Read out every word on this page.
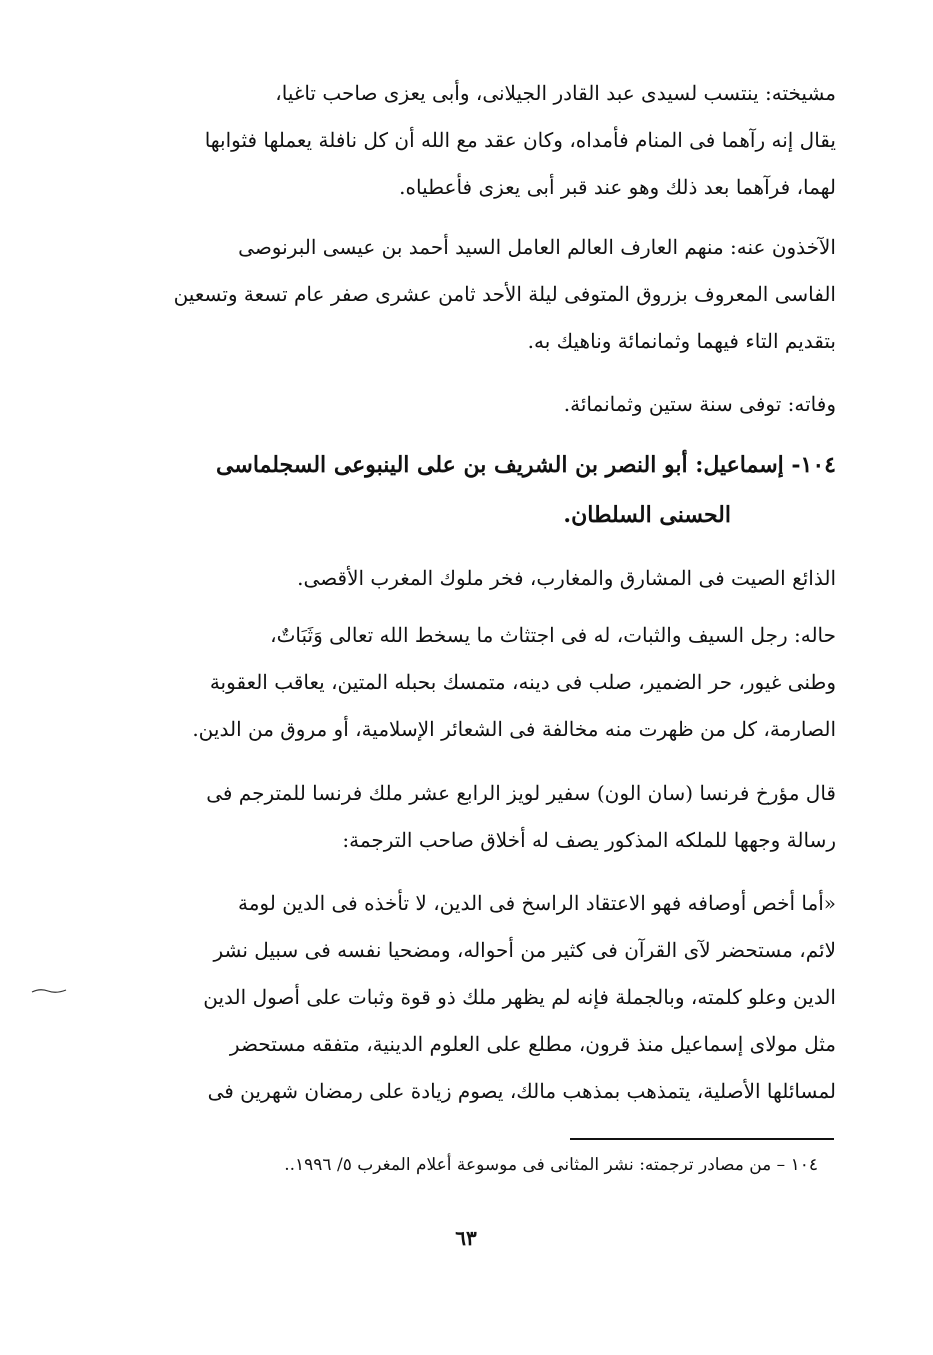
مشيخته: ينتسب لسيدى عبد القادر الجيلانى، وأبى يعزى صاحب تاغيا،

يقال إنه رآهما فى المنام فأمداه، وكان عقد مع الله أن كل نافلة يعملها فثوابها

لهما، فرآهما بعد ذلك وهو عند قبر أبى يعزى فأعطياه.

الآخذون عنه: منهم العارف العالم العامل السيد أحمد بن عيسى البرنوصى

الفاسى المعروف بزروق المتوفى ليلة الأحد ثامن عشرى صفر عام تسعة وتسعين

بتقديم التاء فيهما وثمانمائة وناهيك به.

وفاته: توفى سنة ستين وثمانمائة.

١٠٤- إسماعيل: أبو النصر بن الشريف بن على الينبوعى السجلماسى

الحسنى السلطان.

الذائع الصيت فى المشارق والمغارب، فخر ملوك المغرب الأقصى.

حاله: رجل السيف والثبات، له فى اجتثاث ما يسخط الله تعالى وَثَبَاتٌ،

وطنى غيور، حر الضمير، صلب فى دينه، متمسك بحبله المتين، يعاقب العقوبة

الصارمة، كل من ظهرت منه مخالفة فى الشعائر الإسلامية، أو مروق من الدين.

قال مؤرخ فرنسا (سان الون) سفير لويز الرابع عشر ملك فرنسا للمترجم فى

رسالة وجهها للملكه المذكور يصف له أخلاق صاحب الترجمة:

«أما أخص أوصافه فهو الاعتقاد الراسخ فى الدين، لا تأخذه فى الدين لومة

لائم، مستحضر لآى القرآن فى كثير من أحواله، ومضحيا نفسه فى سبيل نشر

الدين وعلو كلمته، وبالجملة فإنه لم يظهر ملك ذو قوة وثبات على أصول الدين

مثل مولاى إسماعيل منذ قرون، مطلع على العلوم الدينية، متفقه مستحضر

لمسائلها الأصلية، يتمذهب بمذهب مالك، يصوم زيادة على رمضان شهرين فى

١٠٤ – من مصادر ترجمته: نشر المثانى فى موسوعة أعلام المغرب ٥/ ١٩٩٦..
٦٣
